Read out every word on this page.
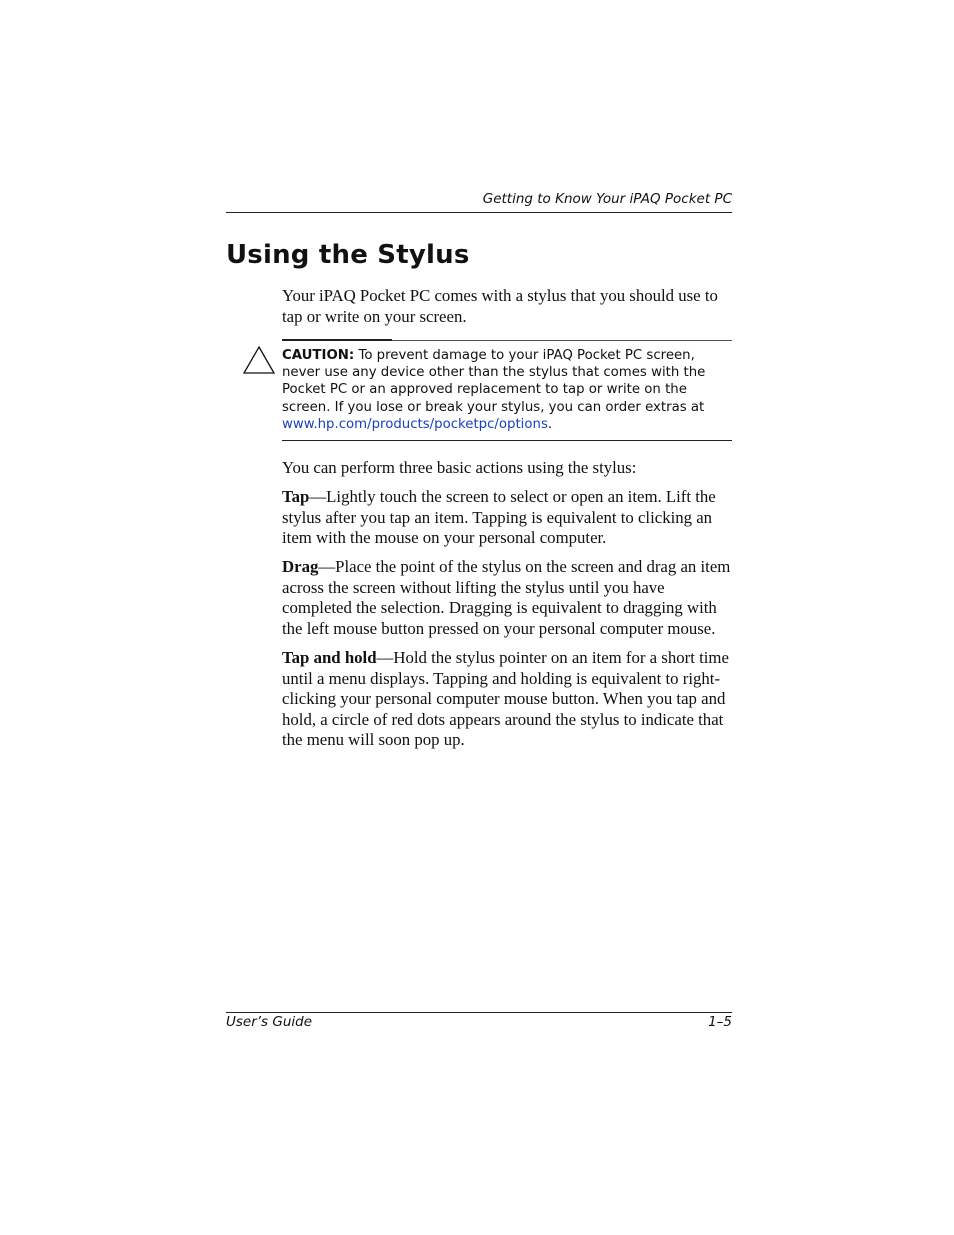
Getting to Know Your iPAQ Pocket PC
Using the Stylus

Your iPAQ Pocket PC comes with a stylus that you should use to tap or write on your screen.

CAUTION: To prevent damage to your iPAQ Pocket PC screen, never use any device other than the stylus that comes with the Pocket PC or an approved replacement to tap or write on the screen. If you lose or break your stylus, you can order extras at www.hp.com/products/pocketpc/options.

You can perform three basic actions using the stylus:

Tap—Lightly touch the screen to select or open an item. Lift the stylus after you tap an item. Tapping is equivalent to clicking an item with the mouse on your personal computer.

Drag—Place the point of the stylus on the screen and drag an item across the screen without lifting the stylus until you have completed the selection. Dragging is equivalent to dragging with the left mouse button pressed on your personal computer mouse.

Tap and hold—Hold the stylus pointer on an item for a short time until a menu displays. Tapping and holding is equivalent to right-clicking your personal computer mouse button. When you tap and hold, a circle of red dots appears around the stylus to indicate that the menu will soon pop up.

User’s Guide	1–5
